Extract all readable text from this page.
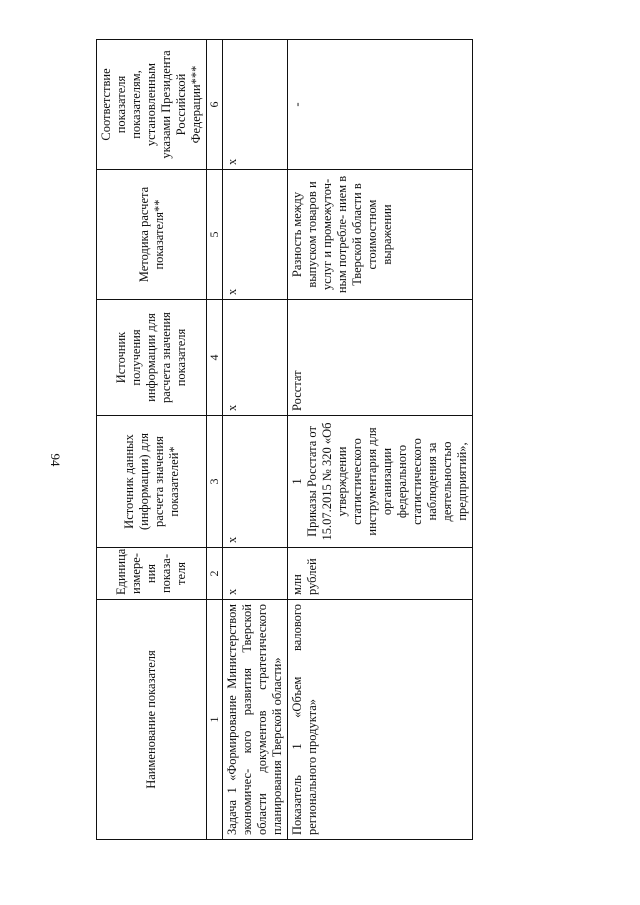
94
Наименование показателя	Единица измере- ния показа- теля	Источник данных (информации) для расчета значения показателей*	Источник получения информации для расчета значения показателя	Методика расчета показателя**	Соответствие показателя показателям, установленным указами Президента Российской Федерации***
1	2	3	4	5	6
Задача 1 «Формирование Министерством экономичес- кого развития Тверской области документов стратегического планирования Тверской области»	х	х	х	х	х
Показатель 1 «Объем валового регионального продукта»	млн рублей	1 Приказы Росстата от 15.07.2015 № 320 «Об утверждении статистического инструментария для организации федерального статистического наблюдения за деятельностью предприятий»,	Росстат	Разность между выпуском товаров и услуг и промежуточ- ным потребле- нием в Тверской области в стоимостном выражении	-
